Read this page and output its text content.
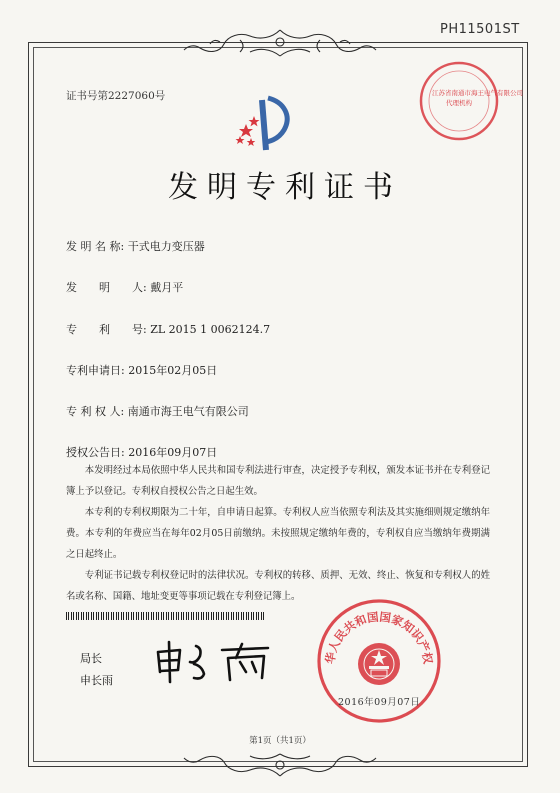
PH11501ST
证书号第2227060号	江苏省南通市海王电气有限公司
代理机构
发明专利证书
发 明 名 称: 干式电力变压器
发　　明　　人: 戴月平
专　　利　　号: ZL 2015 1 0062124.7
专利申请日: 2015年02月05日
专 利 权 人: 南通市海王电气有限公司
授权公告日: 2016年09月07日

本发明经过本局依照中华人民共和国专利法进行审查，决定授予专利权，颁发本证书并在专利登记簿上予以登记。专利权自授权公告之日起生效。

本专利的专利权期限为二十年，自申请日起算。专利权人应当依照专利法及其实施细则规定缴纳年费。本专利的年费应当在每年02月05日前缴纳。未按照规定缴纳年费的，专利权自应当缴纳年费期满之日起终止。

专利证书记载专利权登记时的法律状况。专利权的转移、质押、无效、终止、恢复和专利权人的姓名或名称、国籍、地址变更等事项记载在专利登记簿上。

局长
申长雨
华人民共和国国家知识产权
2016年09月07日
第1页（共1页）
